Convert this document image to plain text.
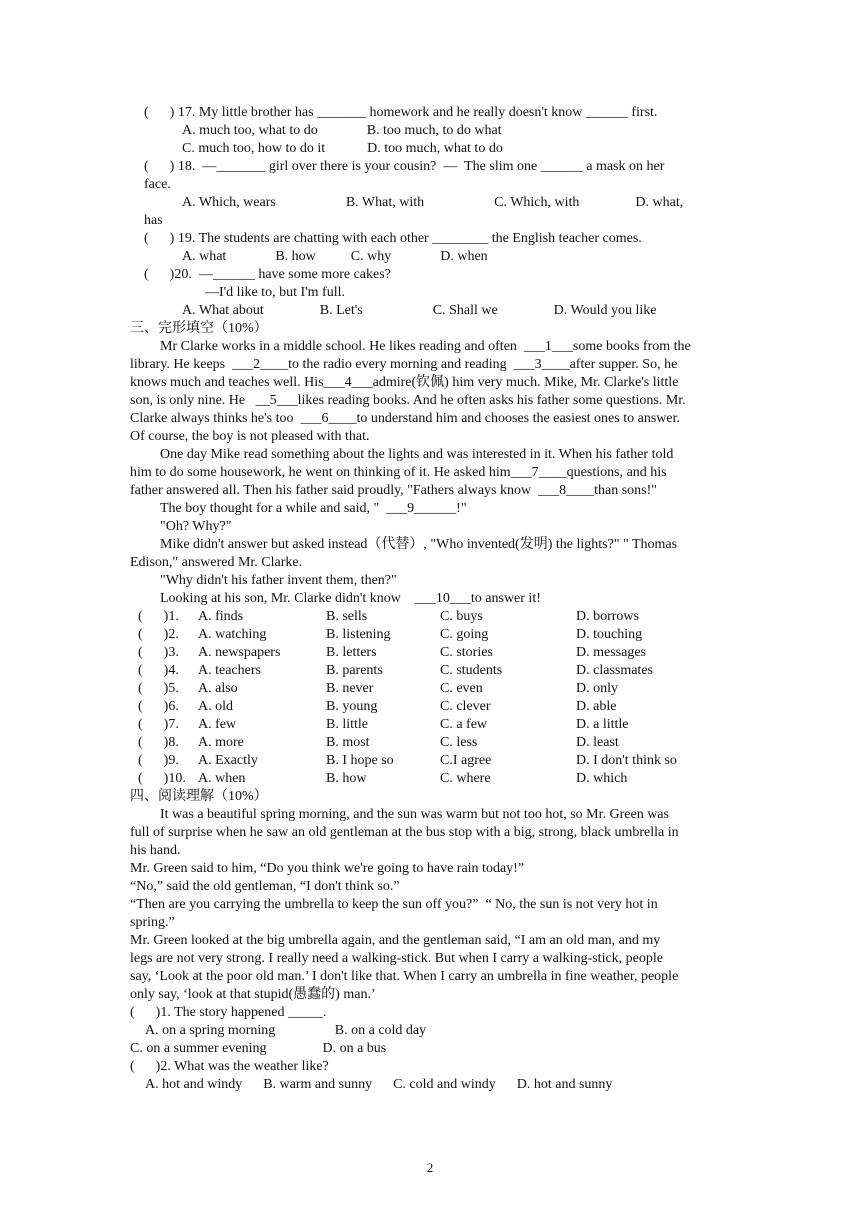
(      ) 17. My little brother has _______ homework and he really doesn't know ______ first.
A. much too, what to do              B. too much, to do what
C. much too, how to do it            D. too much, what to do
(      ) 18.  —_______ girl over there is your cousin?  —  The slim one ______ a mask on her
face.
A. Which, wears                    B. What, with                    C. Which, with                D. what,
has
(      ) 19. The students are chatting with each other ________ the English teacher comes.
A. what              B. how          C. why              D. when
(      )20.  —______ have some more cakes?
—I'd like to, but I'm full.
A. What about                B. Let's                    C. Shall we                D. Would you like
三、完形填空（10%）
Mr Clarke works in a middle school. He likes reading and often  ___1___some books from the
library. He keeps  ___2____to the radio every morning and reading  ___3____after supper. So, he
knows much and teaches well. His___4___admire(钦佩) him very much. Mike, Mr. Clarke's little
son, is only nine. He   __5___likes reading books. And he often asks his father some questions. Mr.
Clarke always thinks he's too  ___6____to understand him and chooses the easiest ones to answer.
Of course, the boy is not pleased with that.
One day Mike read something about the lights and was interested in it. When his father told
him to do some housework, he went on thinking of it. He asked him___7____questions, and his
father answered all. Then his father said proudly, "Fathers always know  ___8____than sons!"
The boy thought for a while and said, "  ___9______!"
"Oh? Why?"
Mike didn't answer but asked instead（代替）, "Who invented(发明) the lights?" " Thomas
Edison," answered Mr. Clarke.
"Why didn't his father invent them, then?"
Looking at his son, Mr. Clarke didn't know    ___10___to answer it!
(      )1. A. finds	B. sells	C. buys	D. borrows
(      )2. A. watching	B. listening	C. going	D. touching
(      )3. A. newspapers	B. letters	C. stories	D. messages
(      )4. A. teachers	B. parents	C. students	D. classmates
(      )5. A. also	B. never	C. even	D. only
(      )6. A. old	B. young	C. clever	D. able
(      )7. A. few	B. little	C. a few	D. a little
(      )8. A. more	B. most	C. less	D. least
(      )9. A. Exactly	B. I hope so	C.I agree	D. I don't think so
(      )10. A. when	B. how	C. where	D. which
四、阅读理解（10%）
It was a beautiful spring morning, and the sun was warm but not too hot, so Mr. Green was
full of surprise when he saw an old gentleman at the bus stop with a big, strong, black umbrella in
his hand.
Mr. Green said to him, “Do you think we're going to have rain today!”
“No,” said the old gentleman, “I don't think so.”
“Then are you carrying the umbrella to keep the sun off you?”  “ No, the sun is not very hot in
spring.”
Mr. Green looked at the big umbrella again, and the gentleman said, “I am an old man, and my
legs are not very strong. I really need a walking-stick. But when I carry a walking-stick, people
say, ‘Look at the poor old man.’ I don't like that. When I carry an umbrella in fine weather, people
only say, ‘look at that stupid(愚蠢的) man.’
(      )1. The story happened _____.
A. on a spring morning                 B. on a cold day
C. on a summer evening                D. on a bus
(      )2. What was the weather like?
A. hot and windy      B. warm and sunny      C. cold and windy      D. hot and sunny
2
